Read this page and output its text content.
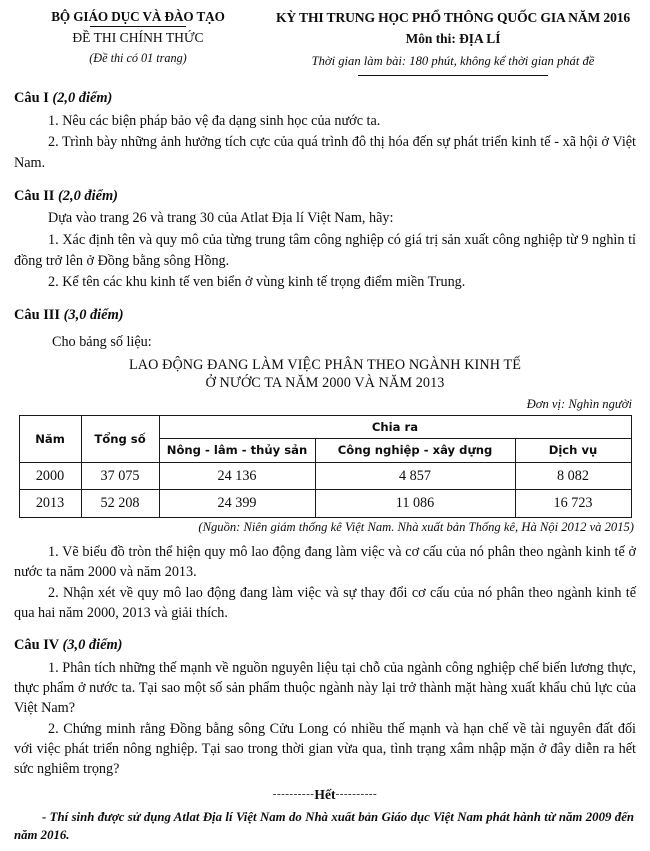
BỘ GIÁO DỤC VÀ ĐÀO TẠO
ĐỀ THI CHÍNH THỨC
(Đề thi có 01 trang)
KỲ THI TRUNG HỌC PHỔ THÔNG QUỐC GIA NĂM 2016
Môn thi: ĐỊA LÍ
Thời gian làm bài: 180 phút, không kể thời gian phát đề
Câu I (2,0 điểm)

1. Nêu các biện pháp bảo vệ đa dạng sinh học của nước ta.

2. Trình bày những ảnh hưởng tích cực của quá trình đô thị hóa đến sự phát triển kinh tế - xã hội ở Việt Nam.

Câu II (2,0 điểm)

Dựa vào trang 26 và trang 30 của Atlat Địa lí Việt Nam, hãy:

1. Xác định tên và quy mô của từng trung tâm công nghiệp có giá trị sản xuất công nghiệp từ 9 nghìn tỉ đồng trở lên ở Đồng bằng sông Hồng.

2. Kể tên các khu kinh tế ven biển ở vùng kinh tế trọng điểm miền Trung.

Câu III (3,0 điểm)
Cho bảng số liệu:
LAO ĐỘNG ĐANG LÀM VIỆC PHÂN THEO NGÀNH KINH TẾ
Ở NƯỚC TA NĂM 2000 VÀ NĂM 2013
Đơn vị: Nghìn người
Năm	Tổng số	Chia ra		
		Nông - lâm - thủy sản	Công nghiệp - xây dựng	Dịch vụ
2000	37 075	24 136	4 857	8 082
2013	52 208	24 399	11 086	16 723
(Nguồn: Niên giám thống kê Việt Nam. Nhà xuất bản Thống kê, Hà Nội 2012 và 2015)

1. Vẽ biểu đồ tròn thể hiện quy mô lao động đang làm việc và cơ cấu của nó phân theo ngành kinh tế ở nước ta năm 2000 và năm 2013.

2. Nhận xét về quy mô lao động đang làm việc và sự thay đổi cơ cấu của nó phân theo ngành kinh tế qua hai năm 2000, 2013 và giải thích.

Câu IV (3,0 điểm)

1. Phân tích những thế mạnh về nguồn nguyên liệu tại chỗ của ngành công nghiệp chế biến lương thực, thực phẩm ở nước ta. Tại sao một số sản phẩm thuộc ngành này lại trở thành mặt hàng xuất khẩu chủ lực của Việt Nam?

2. Chứng minh rằng Đồng bằng sông Cửu Long có nhiều thế mạnh và hạn chế về tài nguyên đất đối với việc phát triển nông nghiệp. Tại sao trong thời gian vừa qua, tình trạng xâm nhập mặn ở đây diễn ra hết sức nghiêm trọng?

----------Hết----------
- Thí sinh được sử dụng Atlat Địa lí Việt Nam do Nhà xuất bản Giáo dục Việt Nam phát hành từ năm 2009 đến năm 2016.
